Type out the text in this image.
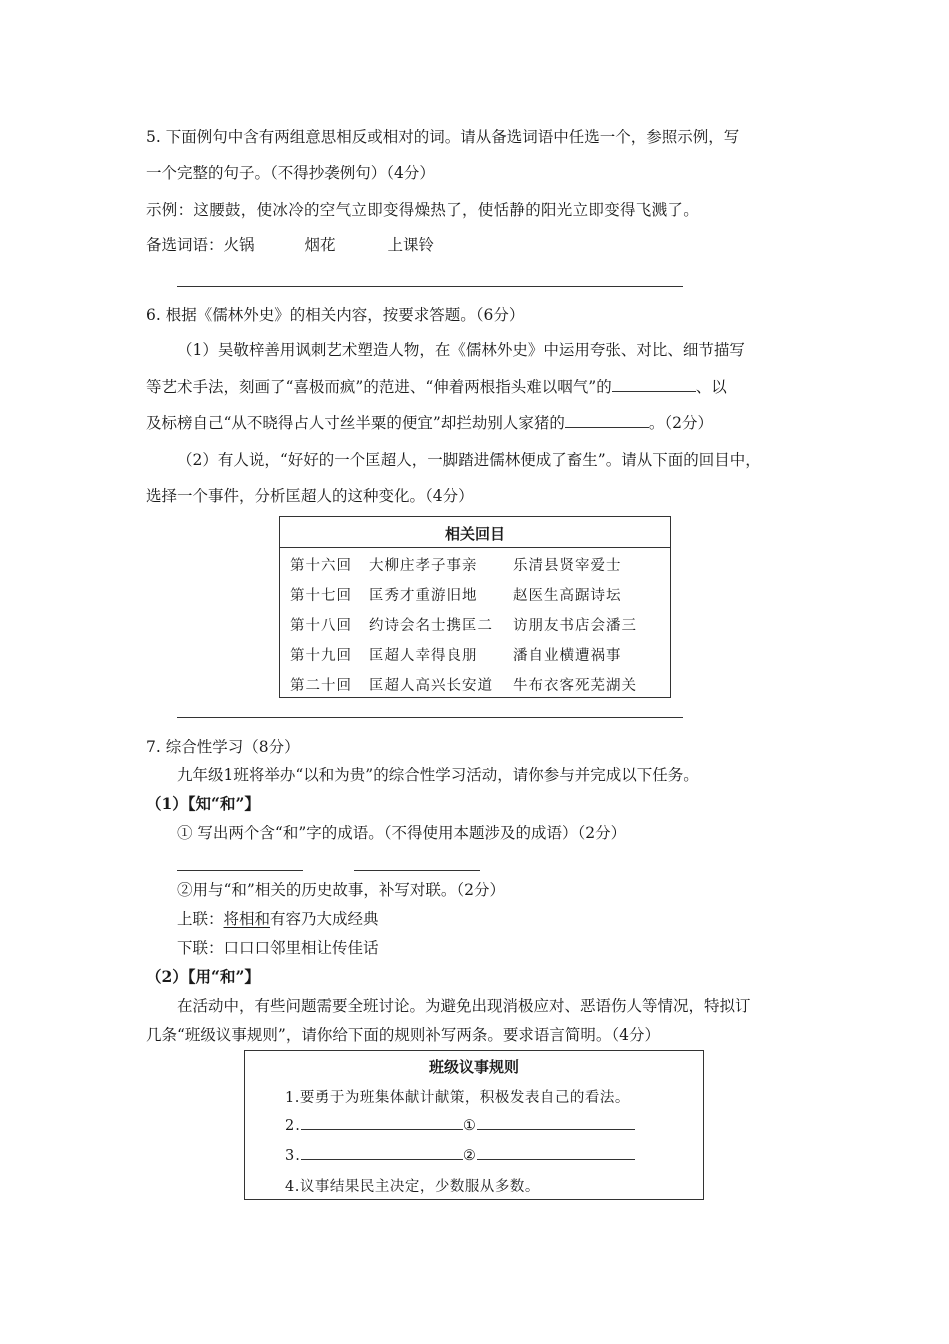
5. 下面例句中含有两组意思相反或相对的词。请从备选词语中任选一个，参照示例，写
一个完整的句子。（不得抄袭例句）（4分）
示例：这腰鼓，使冰冷的空气立即变得燥热了，使恬静的阳光立即变得飞溅了。
备选词语：火锅	烟花	上课铃
6. 根据《儒林外史》的相关内容，按要求答题。（6分）
（1）吴敬梓善用讽刺艺术塑造人物，在《儒林外史》中运用夸张、对比、细节描写
等艺术手法，刻画了“喜极而疯”的范进、“伸着两根指头难以咽气”的	、以
及标榜自己“从不晓得占人寸丝半粟的便宜”却拦劫别人家猪的	。（2分）
（2）有人说，“好好的一个匡超人，一脚踏进儒林便成了畜生”。请从下面的回目中，
选择一个事件，分析匡超人的这种变化。（4分）
相关回目
第十六回 大柳庄孝子事亲 乐清县贤宰爱士
第十七回 匡秀才重游旧地 赵医生高踞诗坛
第十八回 约诗会名士携匡二 访朋友书店会潘三
第十九回 匡超人幸得良朋 潘自业横遭祸事
第二十回 匡超人高兴长安道 牛布衣客死芜湖关
7. 综合性学习（8分）
九年级1班将举办“以和为贵”的综合性学习活动，请你参与并完成以下任务。
（1）【知“和”】
① 写出两个含“和”字的成语。（不得使用本题涉及的成语）（2分）
②用与“和”相关的历史故事，补写对联。（2分）
上联：将相和有容乃大成经典
下联：口口口邻里相让传佳话
（2）【用“和”】
在活动中，有些问题需要全班讨论。为避免出现消极应对、恶语伤人等情况，特拟订
几条“班级议事规则”，请你给下面的规则补写两条。要求语言简明。（4分）
班级议事规则
1.要勇于为班集体献计献策，积极发表自己的看法。
2.	①
3.	②
4.议事结果民主决定，少数服从多数。
